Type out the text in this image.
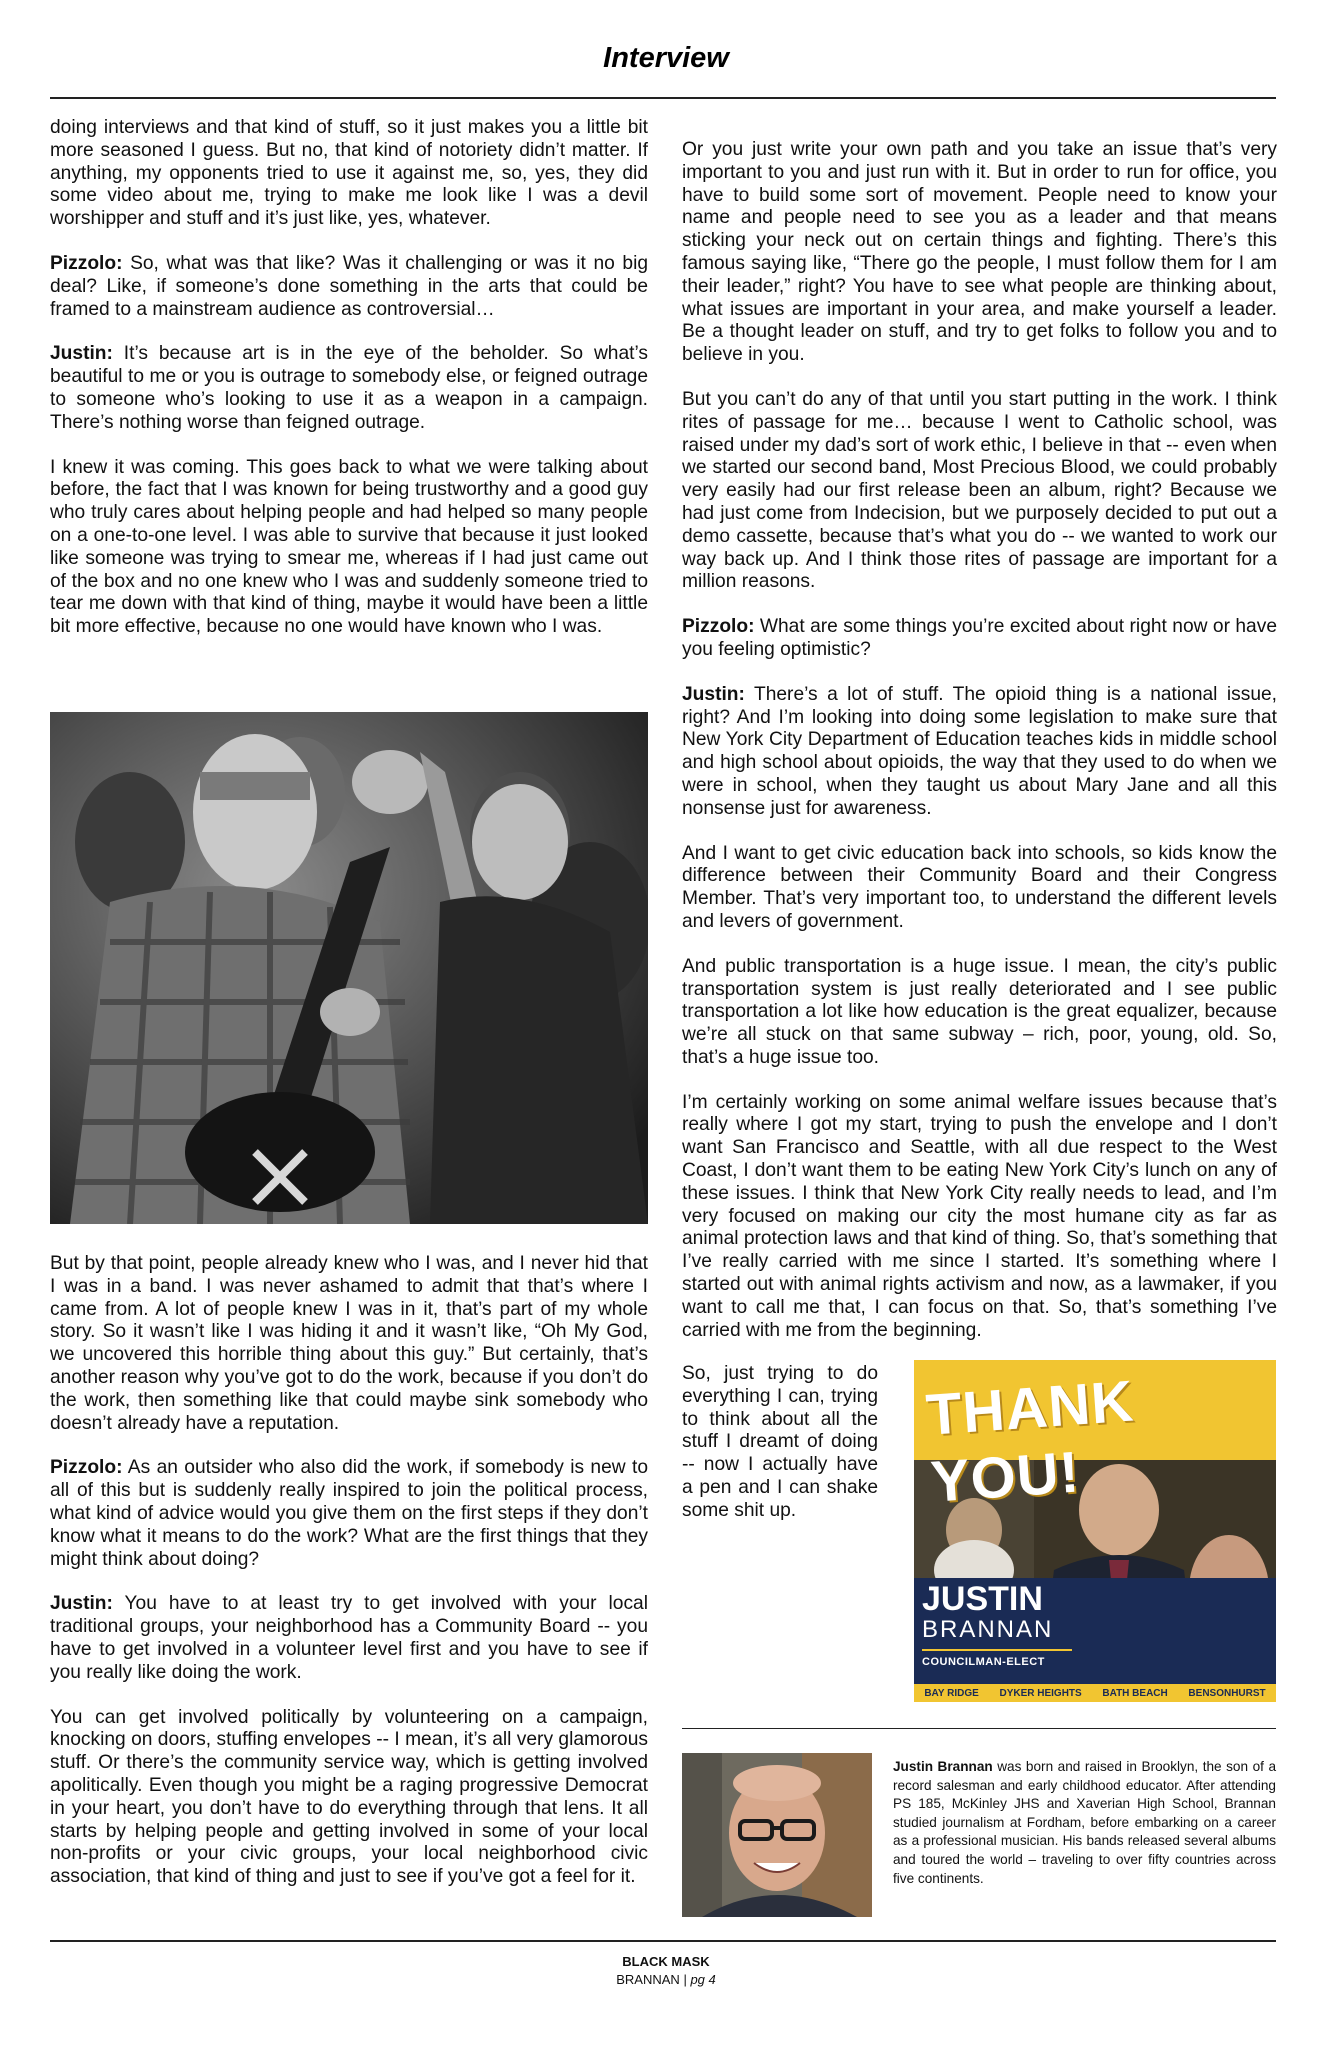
Interview

doing interviews and that kind of stuff, so it just makes you a little bit more seasoned I guess. But no, that kind of notoriety didn’t matter. If anything, my opponents tried to use it against me, so, yes, they did some video about me, trying to make me look like I was a devil worshipper and stuff and it’s just like, yes, whatever.

Pizzolo: So, what was that like? Was it challenging or was it no big deal? Like, if someone’s done something in the arts that could be framed to a mainstream audience as controversial…

Justin: It’s because art is in the eye of the beholder. So what’s beautiful to me or you is outrage to somebody else, or feigned outrage to someone who’s looking to use it as a weapon in a campaign. There’s nothing worse than feigned outrage.

I knew it was coming. This goes back to what we were talking about before, the fact that I was known for being trustworthy and a good guy who truly cares about helping people and had helped so many people on a one-to-one level. I was able to survive that because it just looked like someone was trying to smear me, whereas if I had just came out of the box and no one knew who I was and suddenly someone tried to tear me down with that kind of thing, maybe it would have been a little bit more effective, because no one would have known who I was.

But by that point, people already knew who I was, and I never hid that I was in a band. I was never ashamed to admit that that’s where I came from. A lot of people knew I was in it, that’s part of my whole story. So it wasn’t like I was hiding it and it wasn’t like, “Oh My God, we uncovered this horrible thing about this guy.” But certainly, that’s another reason why you’ve got to do the work, because if you don’t do the work, then something like that could maybe sink somebody who doesn’t already have a reputation.

Pizzolo: As an outsider who also did the work, if somebody is new to all of this but is suddenly really inspired to join the political process, what kind of advice would you give them on the first steps if they don’t know what it means to do the work? What are the first things that they might think about doing?

Justin: You have to at least try to get involved with your local traditional groups, your neighborhood has a Community Board -- you have to get involved in a volunteer level first and you have to see if you really like doing the work.

You can get involved politically by volunteering on a campaign, knocking on doors, stuffing envelopes -- I mean, it’s all very glamorous stuff. Or there’s the community service way, which is getting involved apolitically. Even though you might be a raging progressive Democrat in your heart, you don’t have to do everything through that lens. It all starts by helping people and getting involved in some of your local non-profits or your civic groups, your local neighborhood civic association, that kind of thing and just to see if you’ve got a feel for it.

Or you just write your own path and you take an issue that’s very important to you and just run with it. But in order to run for office, you have to build some sort of movement. People need to know your name and people need to see you as a leader and that means sticking your neck out on certain things and fighting. There’s this famous saying like, “There go the people, I must follow them for I am their leader,” right? You have to see what people are thinking about, what issues are important in your area, and make yourself a leader. Be a thought leader on stuff, and try to get folks to follow you and to believe in you.

But you can’t do any of that until you start putting in the work. I think rites of passage for me… because I went to Catholic school, was raised under my dad’s sort of work ethic, I believe in that -- even when we started our second band, Most Precious Blood, we could probably very easily had our first release been an album, right? Because we had just come from Indecision, but we purposely decided to put out a demo cassette, because that’s what you do -- we wanted to work our way back up. And I think those rites of passage are important for a million reasons.

Pizzolo: What are some things you’re excited about right now or have you feeling optimistic?

Justin: There’s a lot of stuff. The opioid thing is a national issue, right? And I’m looking into doing some legislation to make sure that New York City Department of Education teaches kids in middle school and high school about opioids, the way that they used to do when we were in school, when they taught us about Mary Jane and all this nonsense just for awareness.

And I want to get civic education back into schools, so kids know the difference between their Community Board and their Congress Member. That’s very important too, to understand the different levels and levers of government.

And public transportation is a huge issue. I mean, the city’s public transportation system is just really deteriorated and I see public transportation a lot like how education is the great equalizer, because we’re all stuck on that same subway – rich, poor, young, old. So, that’s a huge issue too.

I’m certainly working on some animal welfare issues because that’s really where I got my start, trying to push the envelope and I don’t want San Francisco and Seattle, with all due respect to the West Coast, I don’t want them to be eating New York City’s lunch on any of these issues. I think that New York City really needs to lead, and I’m very focused on making our city the most humane city as far as animal protection laws and that kind of thing. So, that’s something that I’ve really carried with me since I started. It’s something where I started out with animal rights activism and now, as a lawmaker, if you want to call me that, I can focus on that. So, that’s something I’ve carried with me from the beginning.

So, just trying to do everything I can, trying to think about all the stuff I dreamt of doing -- now I actually have a pen and I can shake some shit up.
THANK YOU!
JUSTIN
BRANNAN
COUNCILMAN-ELECT
BAY RIDGE DYKER HEIGHTS BATH BEACH BENSONHURST
Justin Brannan was born and raised in Brooklyn, the son of a record salesman and early childhood educator. After attending PS 185, McKinley JHS and Xaverian High School, Brannan studied journalism at Fordham, before embarking on a career as a professional musician. His bands released several albums and toured the world – traveling to over fifty countries across five continents.
BLACK MASK
BRANNAN | pg 4
